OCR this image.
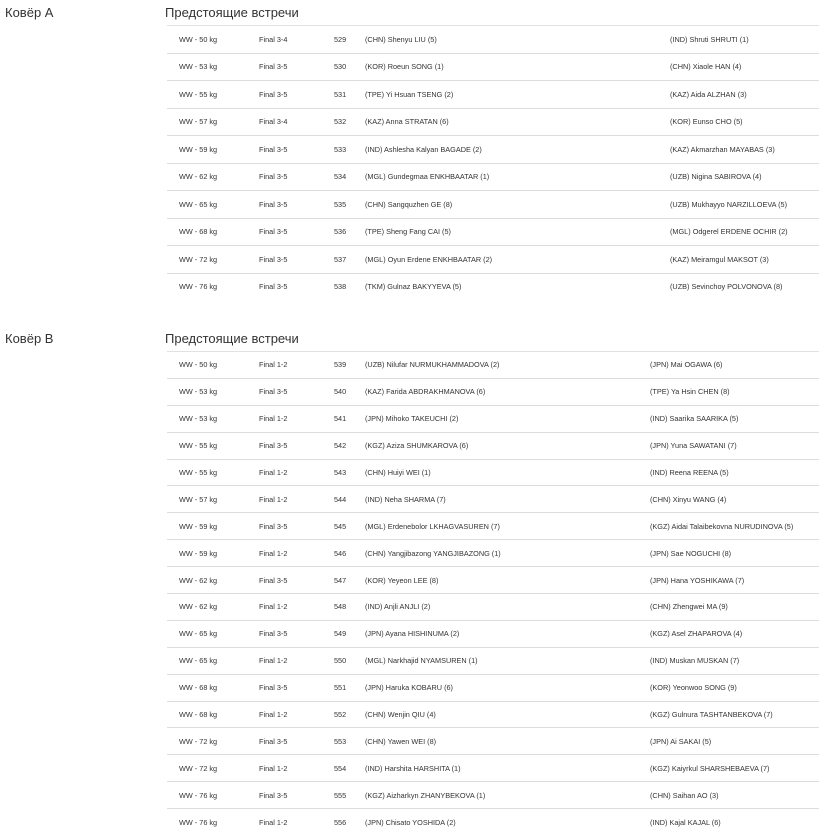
Ковёр A	Предстоящие встречи
	WW - 50 kg	Final 3-4	529	(CHN) Shenyu LIU (5)	(IND) Shruti SHRUTI (1)
	WW - 53 kg	Final 3-5	530	(KOR) Roeun SONG (1)	(CHN) Xiaole HAN (4)
	WW - 55 kg	Final 3-5	531	(TPE) Yi Hsuan TSENG (2)	(KAZ) Aida ALZHAN (3)
	WW - 57 kg	Final 3-4	532	(KAZ) Anna STRATAN (6)	(KOR) Eunso CHO (5)
	WW - 59 kg	Final 3-5	533	(IND) Ashlesha Kalyan BAGADE (2)	(KAZ) Akmarzhan MAYABAS (3)
	WW - 62 kg	Final 3-5	534	(MGL) Gundegmaa ENKHBAATAR (1)	(UZB) Nigina SABIROVA (4)
	WW - 65 kg	Final 3-5	535	(CHN) Sangquzhen GE (8)	(UZB) Mukhayyo NARZILLOEVA (5)
	WW - 68 kg	Final 3-5	536	(TPE) Sheng Fang CAI (5)	(MGL) Odgerel ERDENE OCHIR (2)
	WW - 72 kg	Final 3-5	537	(MGL) Oyun Erdene ENKHBAATAR (2)	(KAZ) Meiramgul MAKSOT (3)
	WW - 76 kg	Final 3-5	538	(TKM) Gulnaz BAKYYEVA (5)	(UZB) Sevinchoy POLVONOVA (8)
Ковёр B	Предстоящие встречи
	WW - 50 kg	Final 1-2	539	(UZB) Nilufar NURMUKHAMMADOVA (2)	(JPN) Mai OGAWA (6)
	WW - 53 kg	Final 3-5	540	(KAZ) Farida ABDRAKHMANOVA (6)	(TPE) Ya Hsin CHEN (8)
	WW - 53 kg	Final 1-2	541	(JPN) Mihoko TAKEUCHI (2)	(IND) Saarika SAARIKA (5)
	WW - 55 kg	Final 3-5	542	(KGZ) Aziza SHUMKAROVA (6)	(JPN) Yuna SAWATANI (7)
	WW - 55 kg	Final 1-2	543	(CHN) Huiyi WEI (1)	(IND) Reena REENA (5)
	WW - 57 kg	Final 1-2	544	(IND) Neha SHARMA (7)	(CHN) Xinyu WANG (4)
	WW - 59 kg	Final 3-5	545	(MGL) Erdenebolor LKHAGVASUREN (7)	(KGZ) Aidai Talaibekovna NURUDINOVA (5)
	WW - 59 kg	Final 1-2	546	(CHN) Yangjibazong YANGJIBAZONG (1)	(JPN) Sae NOGUCHI (8)
	WW - 62 kg	Final 3-5	547	(KOR) Yeyeon LEE (8)	(JPN) Hana YOSHIKAWA (7)
	WW - 62 kg	Final 1-2	548	(IND) Anjli ANJLI (2)	(CHN) Zhengwei MA (9)
	WW - 65 kg	Final 3-5	549	(JPN) Ayana HISHINUMA (2)	(KGZ) Asel ZHAPAROVA (4)
	WW - 65 kg	Final 1-2	550	(MGL) Narkhajid NYAMSUREN (1)	(IND) Muskan MUSKAN (7)
	WW - 68 kg	Final 3-5	551	(JPN) Haruka KOBARU (6)	(KOR) Yeonwoo SONG (9)
	WW - 68 kg	Final 1-2	552	(CHN) Wenjin QIU (4)	(KGZ) Gulnura TASHTANBEKOVA (7)
	WW - 72 kg	Final 3-5	553	(CHN) Yawen WEI (8)	(JPN) Ai SAKAI (5)
	WW - 72 kg	Final 1-2	554	(IND) Harshita HARSHITA (1)	(KGZ) Kaiyrkul SHARSHEBAEVA (7)
	WW - 76 kg	Final 3-5	555	(KGZ) Aizharkyn ZHANYBEKOVA (1)	(CHN) Saihan AO (3)
	WW - 76 kg	Final 1-2	556	(JPN) Chisato YOSHIDA (2)	(IND) Kajal KAJAL (6)
